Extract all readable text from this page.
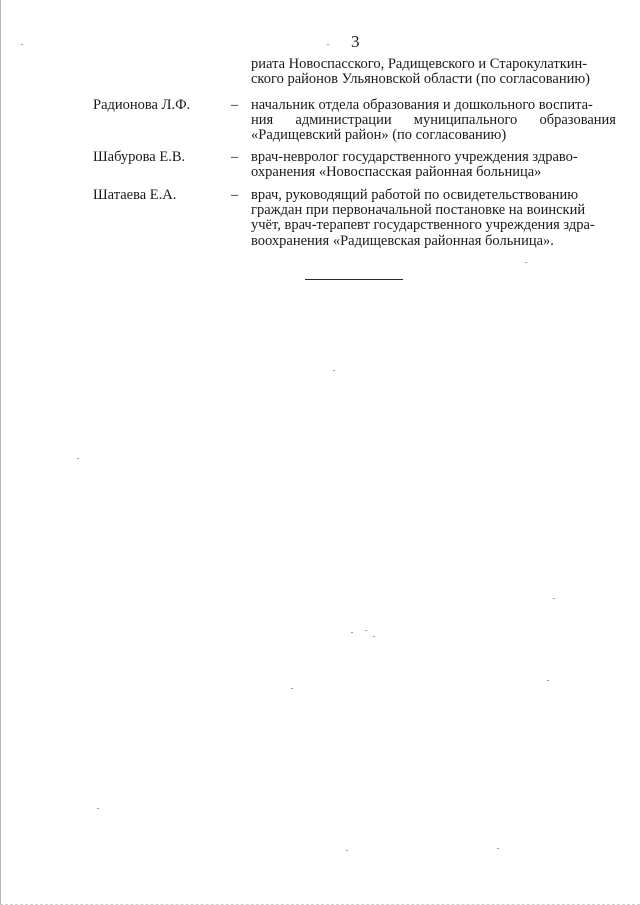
3
риата Новоспасского, Радищевского и Старокулаткин-
ского районов Ульяновской области (по согласованию)
Радионова Л.Ф.	– начальник отдела образования и дошкольного воспита-
ния администрации муниципального образования
«Радищевский район» (по согласованию)
Шабурова Е.В.	– врач-невролог государственного учреждения здраво-
охранения «Новоспасская районная больница»
Шатаева Е.А.	– врач, руководящий работой по освидетельствованию
граждан при первоначальной постановке на воинский
учёт, врач-терапевт государственного учреждения здра-
воохранения «Радищевская районная больница».
